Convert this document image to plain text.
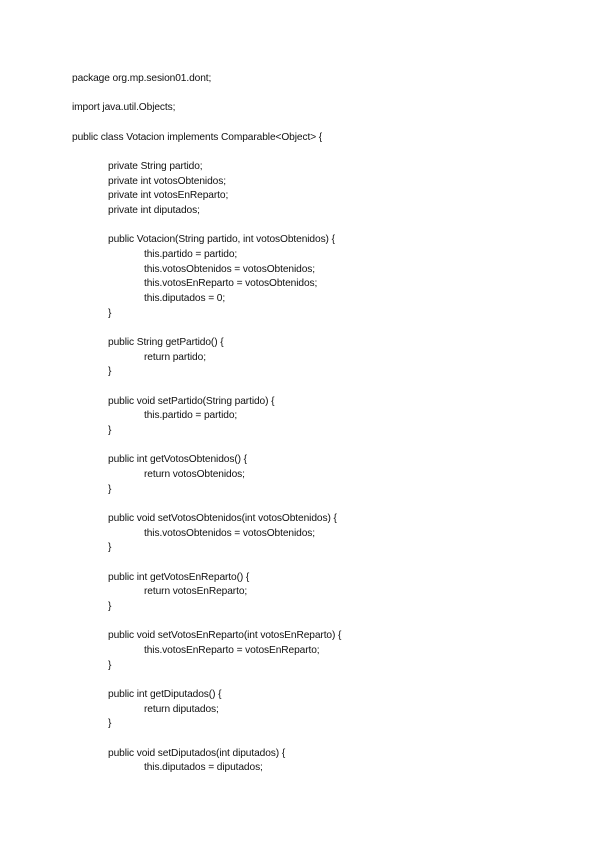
package org.mp.sesion01.dont;
import java.util.Objects;
public class Votacion implements Comparable<Object> {
private String partido;
private int votosObtenidos;
private int votosEnReparto;
private int diputados;
public Votacion(String partido, int votosObtenidos) {
this.partido = partido;
this.votosObtenidos = votosObtenidos;
this.votosEnReparto = votosObtenidos;
this.diputados = 0;
}
public String getPartido() {
return partido;
}
public void setPartido(String partido) {
this.partido = partido;
}
public int getVotosObtenidos() {
return votosObtenidos;
}
public void setVotosObtenidos(int votosObtenidos) {
this.votosObtenidos = votosObtenidos;
}
public int getVotosEnReparto() {
return votosEnReparto;
}
public void setVotosEnReparto(int votosEnReparto) {
this.votosEnReparto = votosEnReparto;
}
public int getDiputados() {
return diputados;
}
public void setDiputados(int diputados) {
this.diputados = diputados;
